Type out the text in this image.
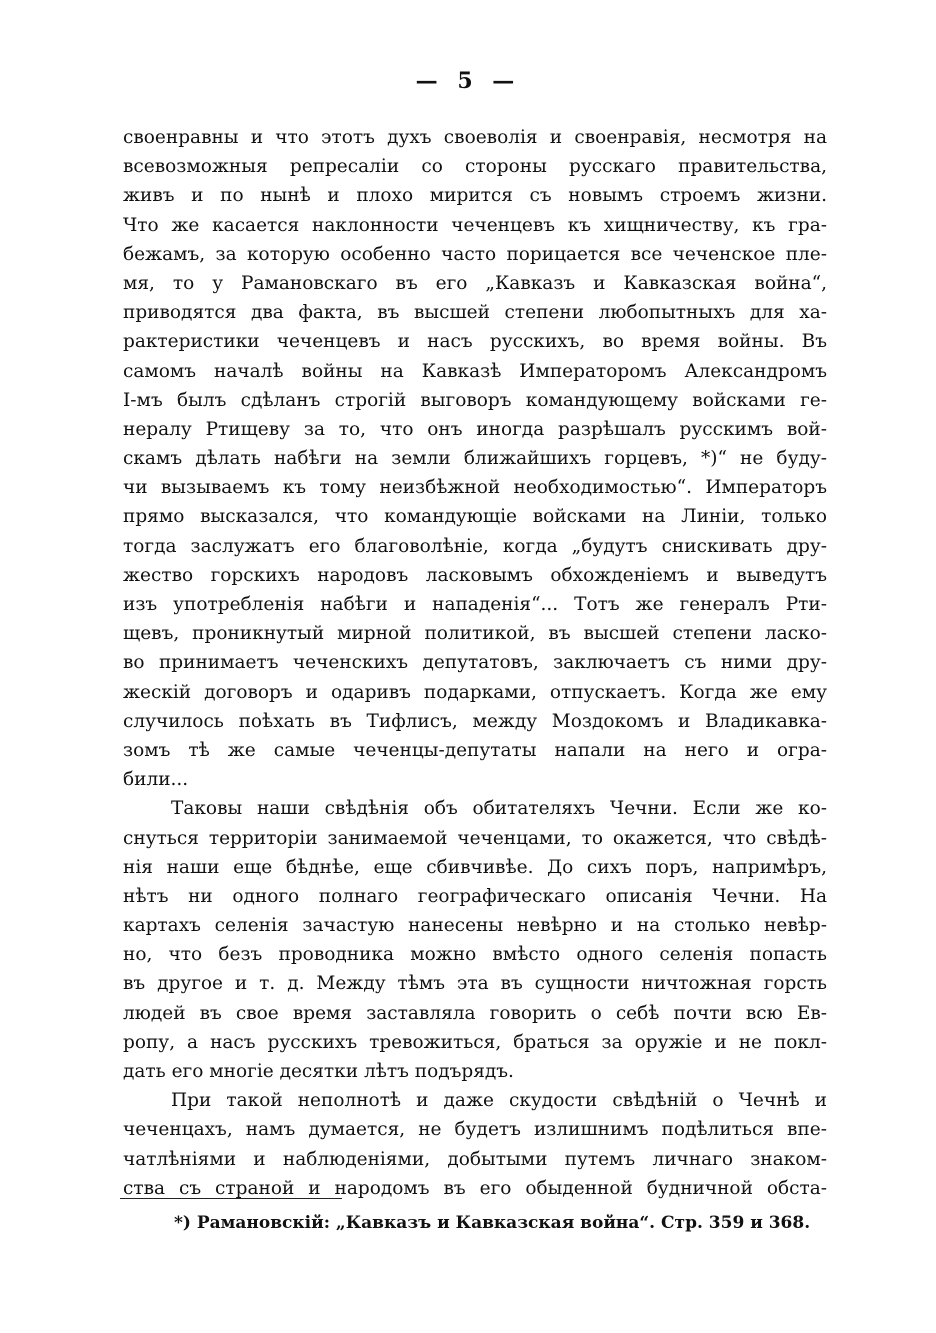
— 5 —
своенравны и что этотъ духъ своеволія и своенравія, несмотря на
всевозможныя репресаліи со стороны русскаго правительства,
живъ и по нынѣ и плохо мирится съ новымъ строемъ жизни.
Что же касается наклонности чеченцевъ къ хищничеству, къ гра-
бежамъ, за которую особенно часто порицается все чеченское пле-
мя, то у Рамановскаго въ его „Кавказъ и Кавказская война“,
приводятся два факта, въ высшей степени любопытныхъ для ха-
рактеристики чеченцевъ и насъ русскихъ, во время войны. Въ
самомъ началѣ войны на Кавказѣ Императоромъ Александромъ
I-мъ былъ сдѣланъ строгій выговоръ командующему войсками ге-
нералу Ртищеву за то, что онъ иногда разрѣшалъ русскимъ вой-
скамъ дѣлать набѣги на земли ближайшихъ горцевъ, *)“ не буду-
чи вызываемъ къ тому неизбѣжной необходимостью“. Императоръ
прямо высказался, что командующіе войсками на Линіи, только
тогда заслужатъ его благоволѣніе, когда „будутъ снискивать дру-
жество горскихъ народовъ ласковымъ обхожденіемъ и выведутъ
изъ употребленія набѣги и нападенія“... Тотъ же генералъ Рти-
щевъ, проникнутый мирной политикой, въ высшей степени ласко-
во принимаетъ чеченскихъ депутатовъ, заключаетъ съ ними дру-
жескій договоръ и одаривъ подарками, отпускаетъ. Когда же ему
случилось поѣхать въ Тифлисъ, между Моздокомъ и Владикавка-
зомъ тѣ же самые чеченцы-депутаты напали на него и огра-
били...
Таковы наши свѣдѣнія объ обитателяхъ Чечни. Если же ко-
снуться территоріи занимаемой чеченцами, то окажется, что свѣдѣ-
нія наши еще бѣднѣе, еще сбивчивѣе. До сихъ поръ, напримѣръ,
нѣтъ ни одного полнаго географическаго описанія Чечни. На
картахъ селенія зачастую нанесены невѣрно и на столько невѣр-
но, что безъ проводника можно вмѣсто одного селенія попасть
въ другое и т. д. Между тѣмъ эта въ сущности ничтожная горсть
людей въ свое время заставляла говорить о себѣ почти всю Ев-
ропу, а насъ русскихъ тревожиться, браться за оружіе и не покл-
дать его многіе десятки лѣтъ подърядъ.
При такой неполнотѣ и даже скудости свѣдѣній о Чечнѣ и
чеченцахъ, намъ думается, не будетъ излишнимъ подѣлиться впе-
чатлѣніями и наблюденіями, добытыми путемъ личнаго знаком-
ства съ страной и народомъ въ его обыденной будничной обста-
*) Рамановскій: „Кавказъ и Кавказская война“. Стр. 359 и 368.
